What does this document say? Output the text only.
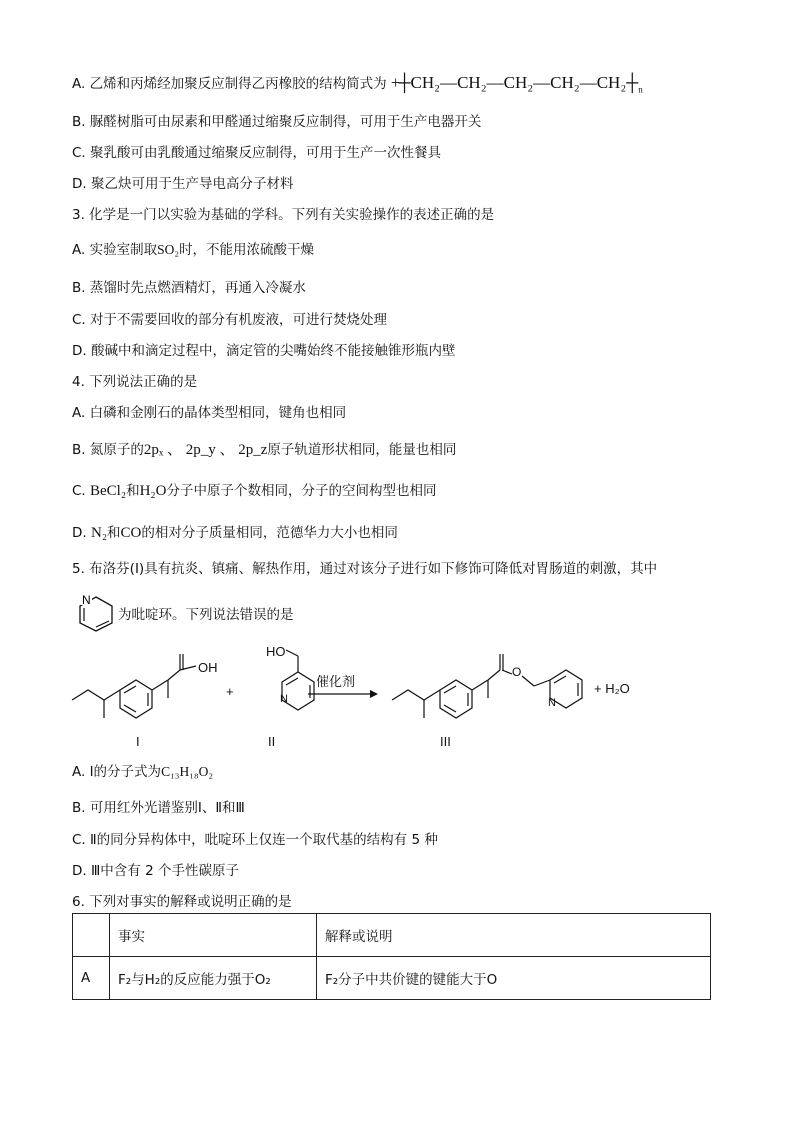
A. 乙烯和丙烯经加聚反应制得乙丙橡胶的结构简式为 $+┼CH_2—CH_2—CH_2—CH_2—CH_2┼_n$
B. 脲醛树脂可由尿素和甲醛通过缩聚反应制得，可用于生产电器开关
C. 聚乳酸可由乳酸通过缩聚反应制得，可用于生产一次性餐具
D. 聚乙炔可用于生产导电高分子材料
3. 化学是一门以实验为基础的学科。下列有关实验操作的表述正确的是
A. 实验室制取SO₂时，不能用浓硫酸干燥
B. 蒸馏时先点燃酒精灯，再通入冷凝水
C. 对于不需要回收的部分有机废液，可进行焚烧处理
D. 酸碱中和滴定过程中，滴定管的尖嘴始终不能接触锥形瓶内壁
4. 下列说法正确的是
A. 白磷和金刚石的晶体类型相同，键角也相同
B. 氮原子的2pₓ 、 2p_y 、 2p_z原子轨道形状相同，能量也相同
C. BeCl₂和H₂O分子中原子个数相同，分子的空间构型也相同
D. N₂和CO的相对分子质量相同，范德华力大小也相同
5. 布洛芬(Ⅰ)具有抗炎、镇痛、解热作用，通过对该分子进行如下修饰可降低对胃肠道的刺激，其中
N
为吡啶环。下列说法错误的是
OH
+
HO
N
催化剂
O
N
+ H₂O
I	II	III
A. Ⅰ的分子式为C₁₃H₁₈O₂
B. 可用红外光谱鉴别Ⅰ、Ⅱ和Ⅲ
C. Ⅱ的同分异构体中，吡啶环上仅连一个取代基的结构有 5 种
D. Ⅲ中含有 2 个手性碳原子
6. 下列对事实的解释或说明正确的是
	事实	解释或说明
A	F₂与H₂的反应能力强于O₂	F₂分子中共价键的键能大于O
